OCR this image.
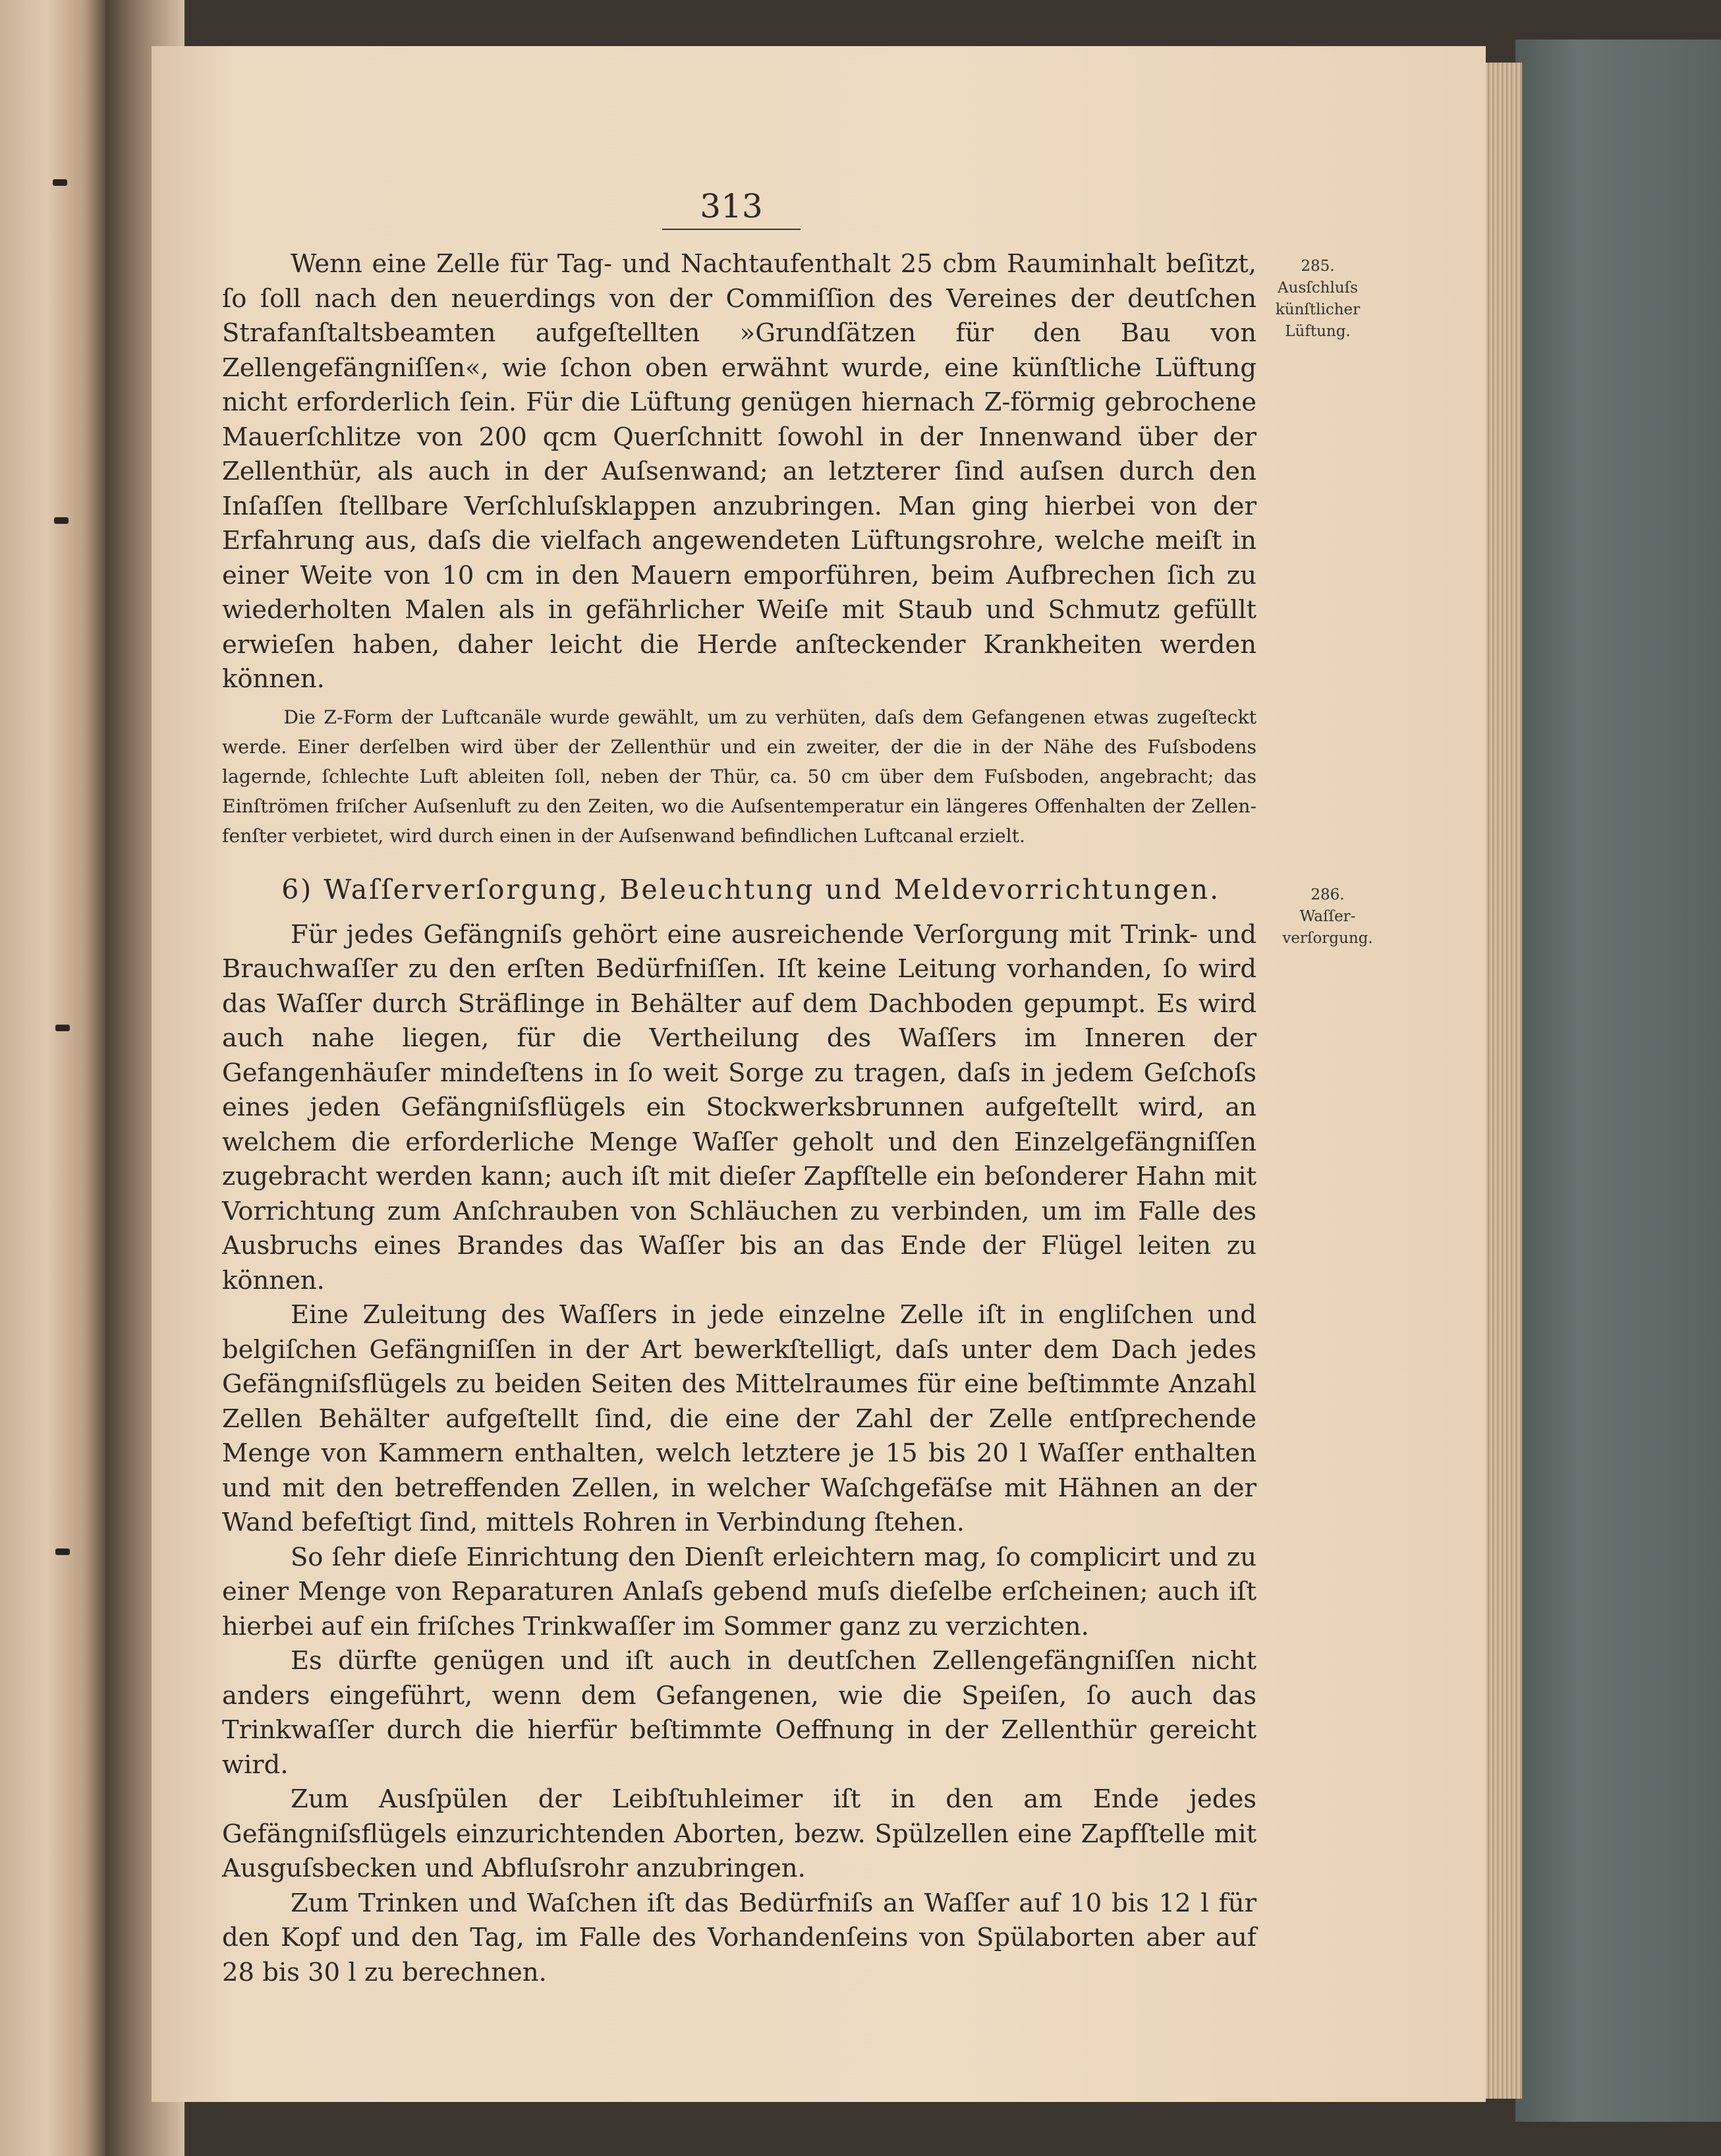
313
285.
Ausſchluſs
künſtlicher
Lüftung.
286.
Waſſer-
verſorgung.

Wenn eine Zelle für Tag- und Nachtaufenthalt 25 cbm Rauminhalt beſitzt, ſo ſoll nach den neuerdings von der Commiſſion des Vereines der deutſchen Strafanſtaltsbeamten aufgeſtellten »Grundſätzen für den Bau von Zellengefängniſſen«, wie ſchon oben erwähnt wurde, eine künſtliche Lüftung nicht erforderlich ſein. Für die Lüftung genügen hiernach Z-förmig gebrochene Mauerſchlitze von 200 qcm Querſchnitt ſowohl in der Innenwand über der Zellenthür, als auch in der Auſsenwand; an letzterer ſind auſsen durch den Inſaſſen ſtellbare Verſchluſsklappen anzubringen. Man ging hierbei von der Erfahrung aus, daſs die vielfach angewendeten Lüftungsrohre, welche meiſt in einer Weite von 10 cm in den Mauern emporführen, beim Aufbrechen ſich zu wiederholten Malen als in gefährlicher Weiſe mit Staub und Schmutz gefüllt erwieſen haben, daher leicht die Herde anſteckender Krankheiten werden können.

Die Z-Form der Luftcanäle wurde gewählt, um zu verhüten, daſs dem Gefangenen etwas zugeſteckt werde. Einer derſelben wird über der Zellenthür und ein zweiter, der die in der Nähe des Fuſsbodens lagernde, ſchlechte Luft ableiten ſoll, neben der Thür, ca. 50 cm über dem Fuſsboden, angebracht; das Einſtrömen friſcher Auſsenluft zu den Zeiten, wo die Auſsentemperatur ein längeres Offenhalten der Zellenfenſter verbietet, wird durch einen in der Auſsenwand befindlichen Luftcanal erzielt.

6) Waſſerverſorgung, Beleuchtung und Meldevorrichtungen.

Für jedes Gefängniſs gehört eine ausreichende Verſorgung mit Trink- und Brauchwaſſer zu den erſten Bedürfniſſen. Iſt keine Leitung vorhanden, ſo wird das Waſſer durch Sträflinge in Behälter auf dem Dachboden gepumpt. Es wird auch nahe liegen, für die Vertheilung des Waſſers im Inneren der Gefangenhäuſer mindeſtens in ſo weit Sorge zu tragen, daſs in jedem Geſchoſs eines jeden Gefängniſsflügels ein Stockwerksbrunnen aufgeſtellt wird, an welchem die erforderliche Menge Waſſer geholt und den Einzelgefängniſſen zugebracht werden kann; auch iſt mit dieſer Zapfſtelle ein beſonderer Hahn mit Vorrichtung zum Anſchrauben von Schläuchen zu verbinden, um im Falle des Ausbruchs eines Brandes das Waſſer bis an das Ende der Flügel leiten zu können.

Eine Zuleitung des Waſſers in jede einzelne Zelle iſt in engliſchen und belgiſchen Gefängniſſen in der Art bewerkſtelligt, daſs unter dem Dach jedes Gefängniſsflügels zu beiden Seiten des Mittelraumes für eine beſtimmte Anzahl Zellen Behälter aufgeſtellt ſind, die eine der Zahl der Zelle entſprechende Menge von Kammern enthalten, welch letztere je 15 bis 20 l Waſſer enthalten und mit den betreffenden Zellen, in welcher Waſchgefäſse mit Hähnen an der Wand befeſtigt ſind, mittels Rohren in Verbindung ſtehen.

So ſehr dieſe Einrichtung den Dienſt erleichtern mag, ſo complicirt und zu einer Menge von Reparaturen Anlaſs gebend muſs dieſelbe erſcheinen; auch iſt hierbei auf ein friſches Trinkwaſſer im Sommer ganz zu verzichten.

Es dürfte genügen und iſt auch in deutſchen Zellengefängniſſen nicht anders eingeführt, wenn dem Gefangenen, wie die Speiſen, ſo auch das Trinkwaſſer durch die hierfür beſtimmte Oeffnung in der Zellenthür gereicht wird.

Zum Ausſpülen der Leibſtuhleimer iſt in den am Ende jedes Gefängniſsflügels einzurichtenden Aborten, bezw. Spülzellen eine Zapfſtelle mit Ausguſsbecken und Abfluſsrohr anzubringen.

Zum Trinken und Waſchen iſt das Bedürfniſs an Waſſer auf 10 bis 12 l für den Kopf und den Tag, im Falle des Vorhandenſeins von Spülaborten aber auf 28 bis 30 l zu berechnen.
